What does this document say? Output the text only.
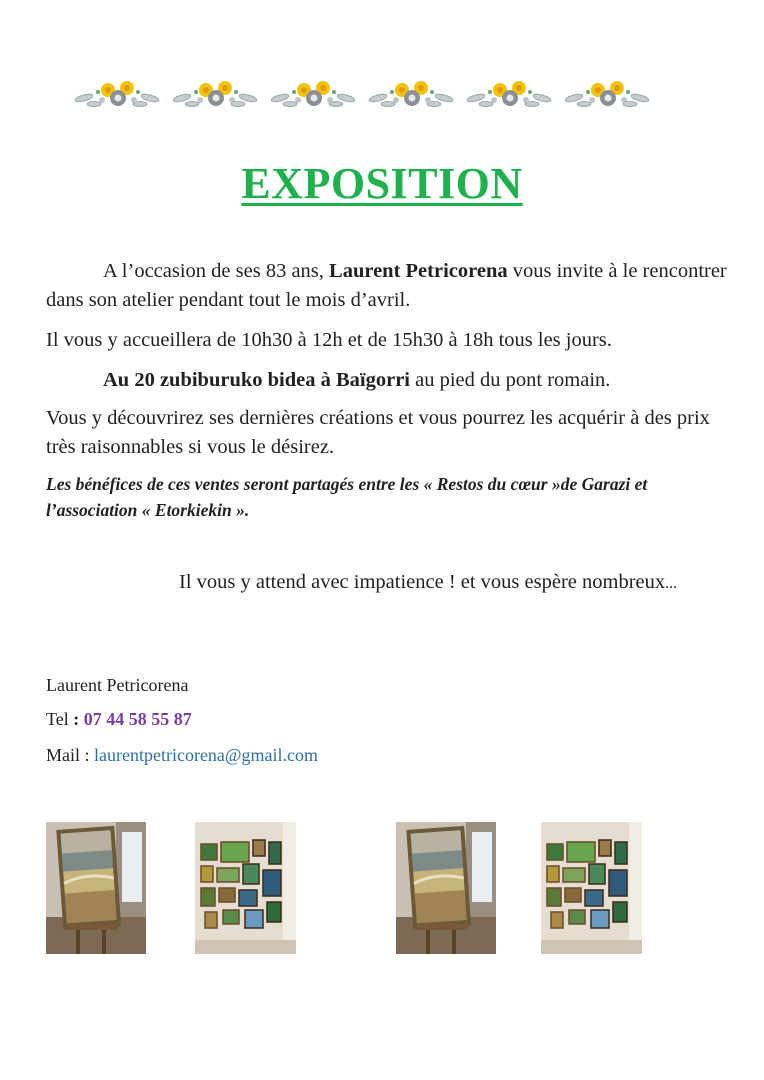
EXPOSITION
A l’occasion de ses 83 ans, Laurent Petricorena vous invite à le rencontrer dans son atelier pendant tout le mois d’avril.
Il vous y accueillera de 10h30 à 12h et de 15h30 à 18h tous les jours.
Au 20 zubiburuko bidea à Baïgorri au pied du pont romain.
Vous y découvrirez ses dernières créations et vous pourrez les acquérir à des prix très raisonnables si vous le désirez.
Les bénéfices de ces ventes seront partagés entre les « Restos du cœur »de Garazi et l’association « Etorkiekin ».
Il vous y attend avec impatience ! et vous espère nombreux...
Laurent Petricorena
Tel : 07 44 58 55 87
Mail : laurentpetricorena@gmail.com
